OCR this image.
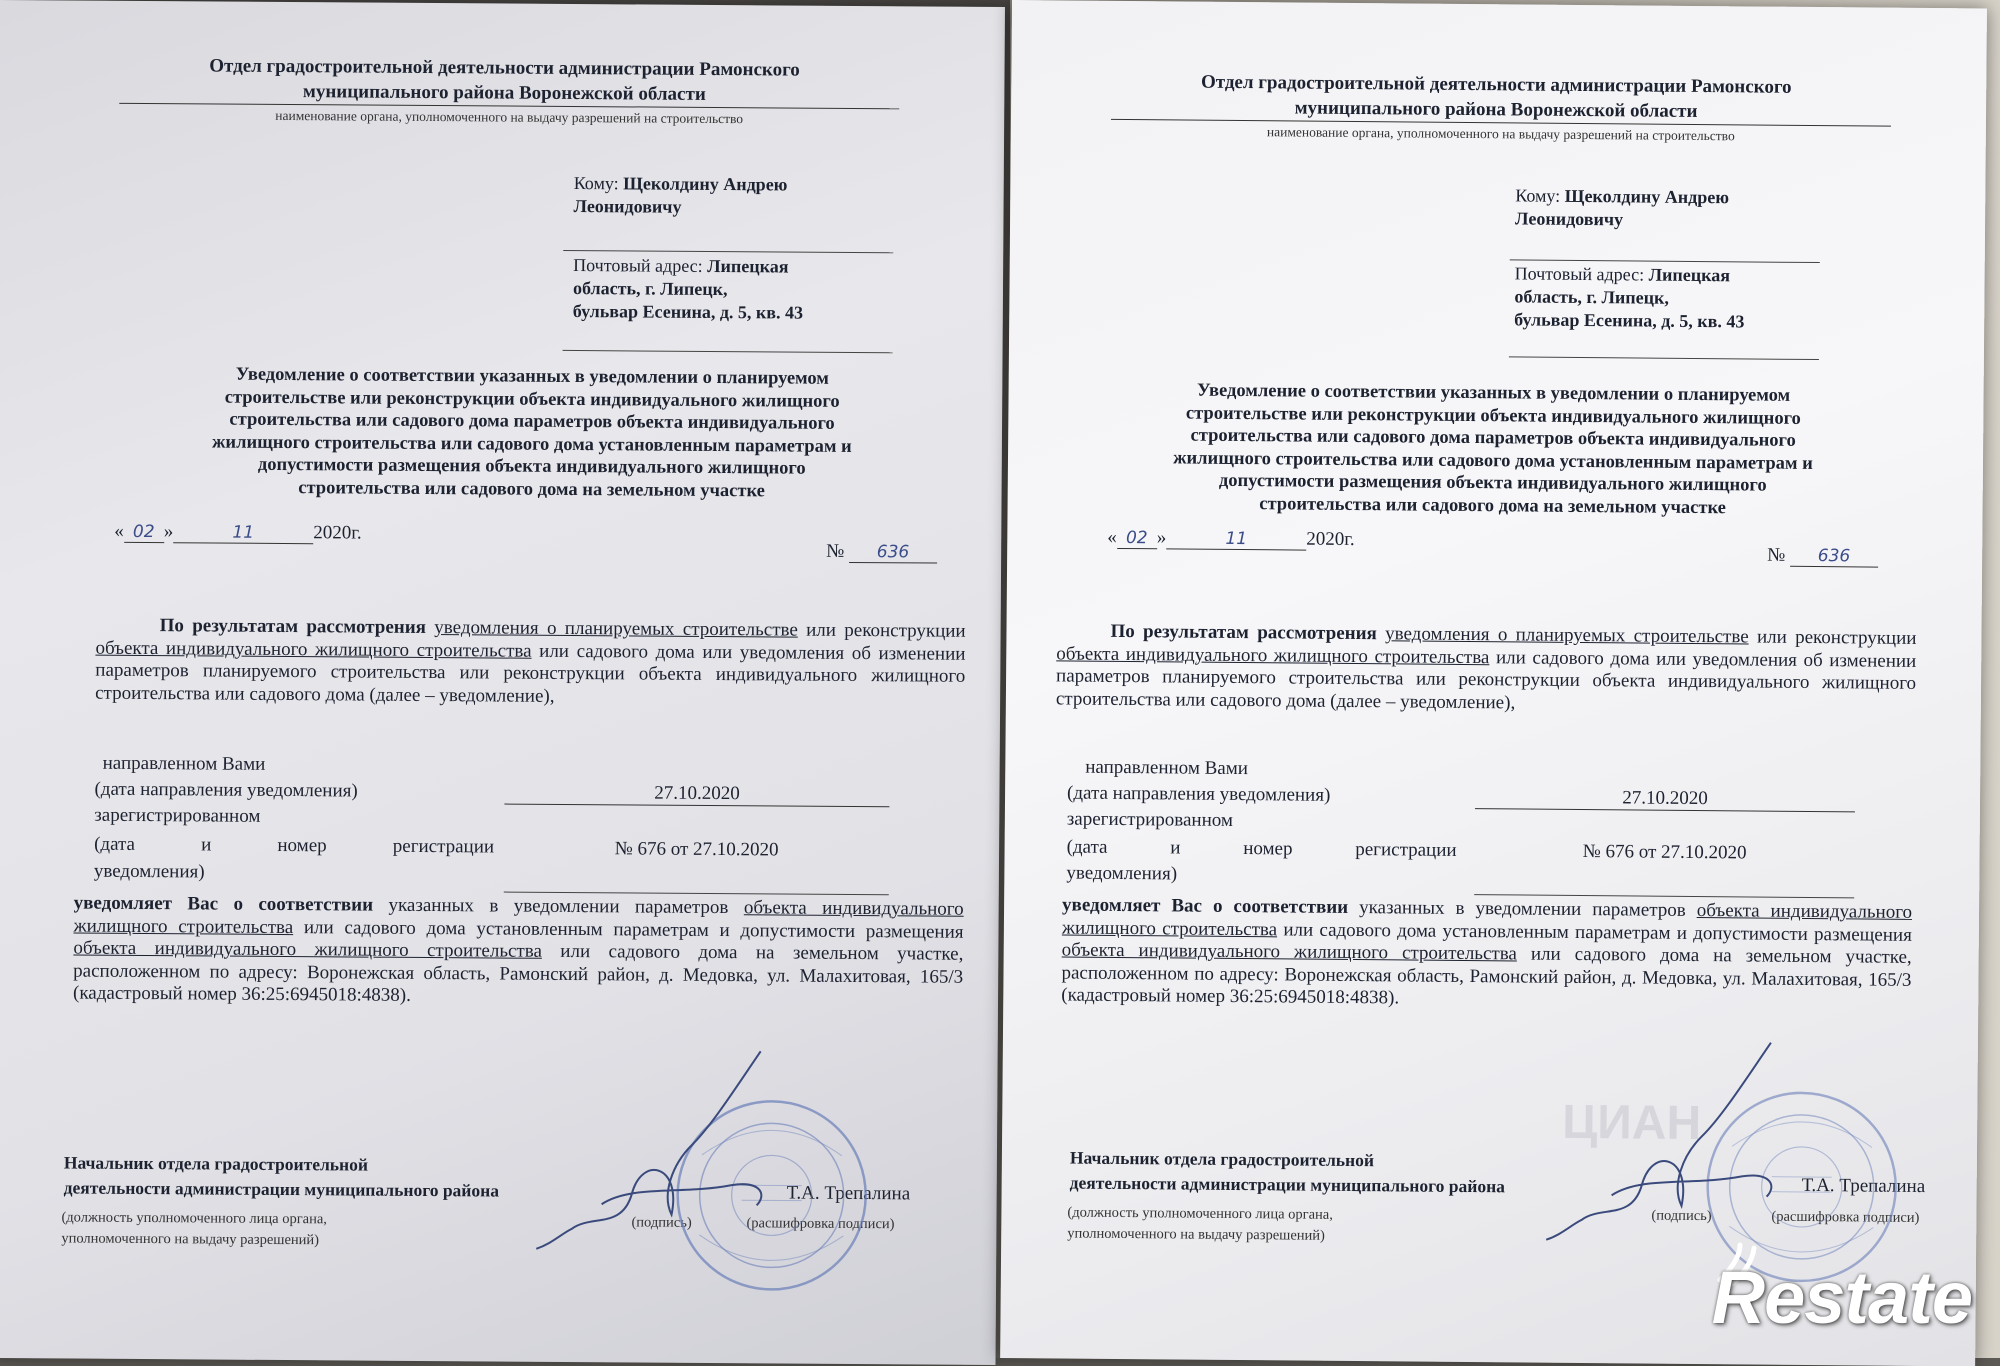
Отдел градостроительной деятельности администрации Рамонского
муниципального района Воронежской области
наименование органа, уполномоченного на выдачу разрешений на строительство
Кому: Щеколдину Андрею
Леонидовичу
Почтовый адрес: Липецкая
область, г. Липецк,
бульвар Есенина, д. 5, кв. 43
Уведомление о соответствии указанных в уведомлении о планируемом
строительстве или реконструкции объекта индивидуального жилищного
строительства или садового дома параметров объекта индивидуального
жилищного строительства или садового дома установленным параметрам и
допустимости размещения объекта индивидуального жилищного
строительства или садового дома на земельном участке
« 02 »	11	2020г.
№ 636
По результатам рассмотрения уведомления о планируемых строительстве или реконструкции объекта индивидуального жилищного строительства или садового дома или уведомления об изменении параметров планируемого строительства или реконструкции объекта индивидуального жилищного строительства или садового дома (далее – уведомление),
направленном Вами
(дата направления уведомления)	27.10.2020
зарегистрированном
(дата и номер регистрации
уведомления)
№ 676 от 27.10.2020
уведомляет Вас о соответствии указанных в уведомлении параметров объекта индивидуального жилищного строительства или садового дома установленным параметрам и допустимости размещения объекта индивидуального жилищного строительства или садового дома на земельном участке, расположенном по адресу: Воронежская область, Рамонский район, д. Медовка, ул. Малахитовая, 165/3 (кадастровый номер 36:25:6945018:4838).
Начальник отдела градостроительной
деятельности администрации муниципального района
(должность уполномоченного лица органа,
уполномоченного на выдачу разрешений)
Т.А. Трепалина
(подпись)	(расшифровка подписи)
Отдел градостроительной деятельности администрации Рамонского
муниципального района Воронежской области
наименование органа, уполномоченного на выдачу разрешений на строительство
Кому: Щеколдину Андрею
Леонидовичу
Почтовый адрес: Липецкая
область, г. Липецк,
бульвар Есенина, д. 5, кв. 43
Уведомление о соответствии указанных в уведомлении о планируемом
строительстве или реконструкции объекта индивидуального жилищного
строительства или садового дома параметров объекта индивидуального
жилищного строительства или садового дома установленным параметрам и
допустимости размещения объекта индивидуального жилищного
строительства или садового дома на земельном участке
« 02 »	11	2020г.
№ 636
По результатам рассмотрения уведомления о планируемых строительстве или реконструкции объекта индивидуального жилищного строительства или садового дома или уведомления об изменении параметров планируемого строительства или реконструкции объекта индивидуального жилищного строительства или садового дома (далее – уведомление),
направленном Вами
(дата направления уведомления)	27.10.2020
зарегистрированном
(дата и номер регистрации
уведомления)
№ 676 от 27.10.2020
уведомляет Вас о соответствии указанных в уведомлении параметров объекта индивидуального жилищного строительства или садового дома установленным параметрам и допустимости размещения объекта индивидуального жилищного строительства или садового дома на земельном участке, расположенном по адресу: Воронежская область, Рамонский район, д. Медовка, ул. Малахитовая, 165/3 (кадастровый номер 36:25:6945018:4838).
Начальник отдела градостроительной
деятельности администрации муниципального района
(должность уполномоченного лица органа,
уполномоченного на выдачу разрешений)
Т.А. Трепалина
(подпись)	(расшифровка подписи)
ЦИАН
Restate
